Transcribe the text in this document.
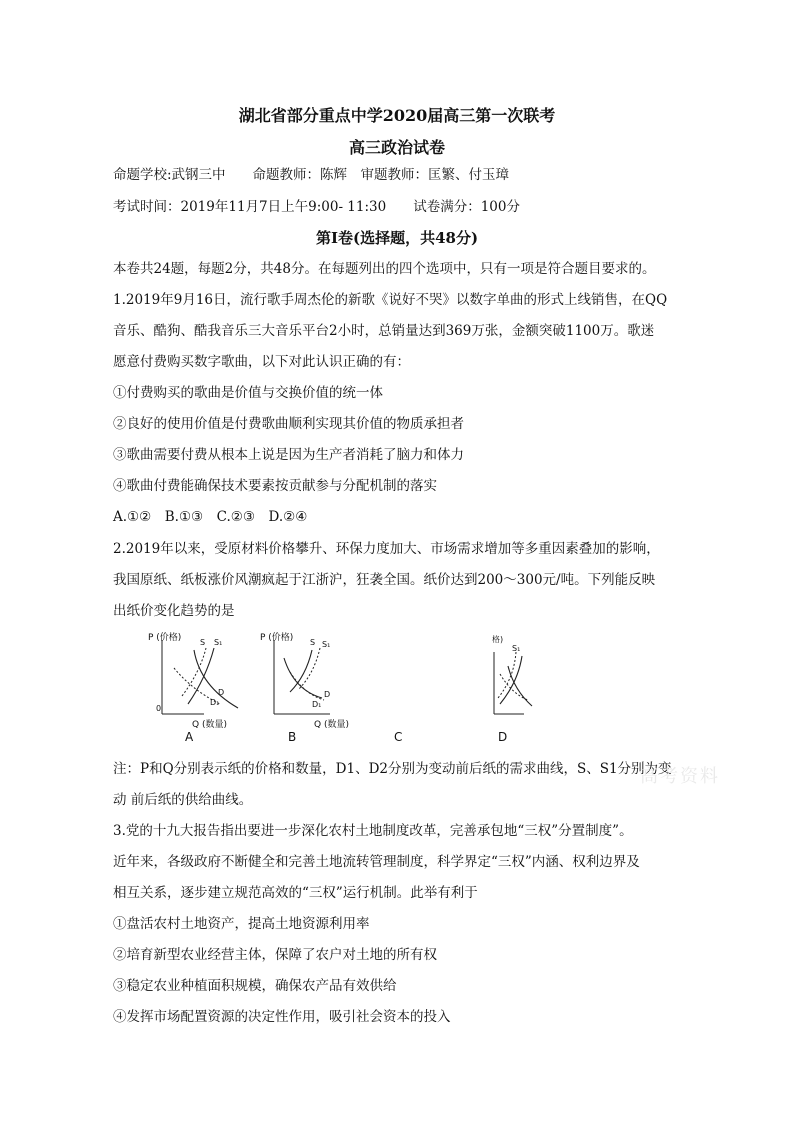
湖北省部分重点中学2020届高三第一次联考
高三政治试卷
命题学校:武钢三中　　命题教师：陈辉　审题教师：匡繁、付玉璋
考试时间：2019年11月7日上午9:00- 11:30　　试卷满分：100分
第Ⅰ卷(选择题，共48分)
本卷共24题，每题2分，共48分。在每题列出的四个选项中，只有一项是符合题目要求的。
1.2019年9月16日，流行歌手周杰伦的新歌《说好不哭》以数字单曲的形式上线销售，在QQ
音乐、酷狗、酷我音乐三大音乐平台2小时，总销量达到369万张，金额突破1100万。歌迷
愿意付费购买数字歌曲，以下对此认识正确的有：
①付费购买的歌曲是价值与交换价值的统一体
②良好的使用价值是付费歌曲顺利实现其价值的物质承担者
③歌曲需要付费从根本上说是因为生产者消耗了脑力和体力
④歌曲付费能确保技术要素按贡献参与分配机制的落实
A.①②　B.①③　C.②③　D.②④
2.2019年以来，受原材料价格攀升、环保力度加大、市场需求增加等多重因素叠加的影响，
我国原纸、纸板涨价风潮疯起于江浙沪，狂袭全国。纸价达到200～300元/吨。下列能反映
出纸价变化趋势的是
P (价格)
Q (数量)
0
S S₁
D
D₁
P (价格)
Q (数量)
S S₁
D
D₁
格)
S₁
A	B	C	D
注：P和Q分别表示纸的价格和数量，D1、D2分别为变动前后纸的需求曲线，S、S1分别为变
动 前后纸的供给曲线。
高考资料
3.党的十九大报告指出要进一步深化农村土地制度改革，完善承包地“三权”分置制度”。
近年来，各级政府不断健全和完善土地流转管理制度，科学界定“三权”内涵、权利边界及
相互关系，逐步建立规范高效的“三权”运行机制。此举有利于
①盘活农村土地资产，提高土地资源利用率
②培育新型农业经营主体，保障了农户对土地的所有权
③稳定农业种植面积规模，确保农产品有效供给
④发挥市场配置资源的决定性作用，吸引社会资本的投入
